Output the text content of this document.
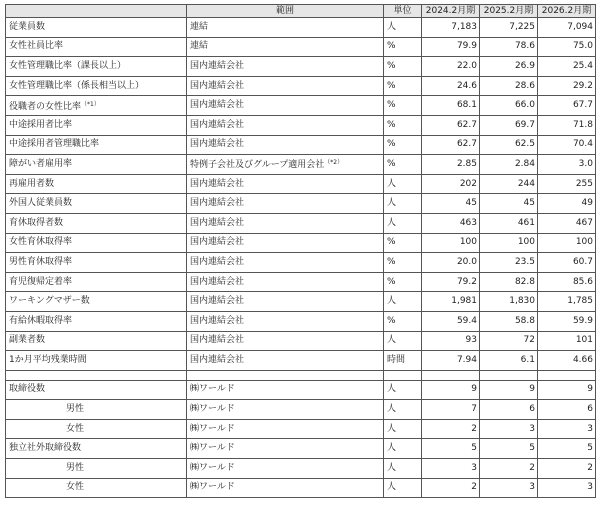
	範囲	単位	2024.2月期	2025.2月期	2026.2月期
従業員数	連結	人	7,183	7,225	7,094
女性社員比率	連結	%	79.9	78.6	75.0
女性管理職比率（課長以上）	国内連結会社	%	22.0	26.9	25.4
女性管理職比率（係長相当以上）	国内連結会社	%	24.6	28.6	29.2
役職者の女性比率$^{(*1)}$	国内連結会社	%	68.1	66.0	67.7
中途採用者比率	国内連結会社	%	62.7	69.7	71.8
中途採用者管理職比率	国内連結会社	%	62.7	62.5	70.4
障がい者雇用率	特例子会社及びグループ適用会社$^{(*2)}$	%	2.85	2.84	3.0
再雇用者数	国内連結会社	人	202	244	255
外国人従業員数	国内連結会社	人	45	45	49
育休取得者数	国内連結会社	人	463	461	467
女性育休取得率	国内連結会社	%	100	100	100
男性育休取得率	国内連結会社	%	20.0	23.5	60.7
育児復帰定着率	国内連結会社	%	79.2	82.8	85.6
ワーキングマザー数	国内連結会社	人	1,981	1,830	1,785
有給休暇取得率	国内連結会社	%	59.4	58.8	59.9
副業者数	国内連結会社	人	93	72	101
1か月平均残業時間	国内連結会社	時間	7.94	6.1	4.66

取締役数	㈱ワールド	人	9	9	9
男性	㈱ワールド	人	7	6	6
女性	㈱ワールド	人	2	3	3
独立社外取締役数	㈱ワールド	人	5	5	5
男性	㈱ワールド	人	3	2	2
女性	㈱ワールド	人	2	3	3
